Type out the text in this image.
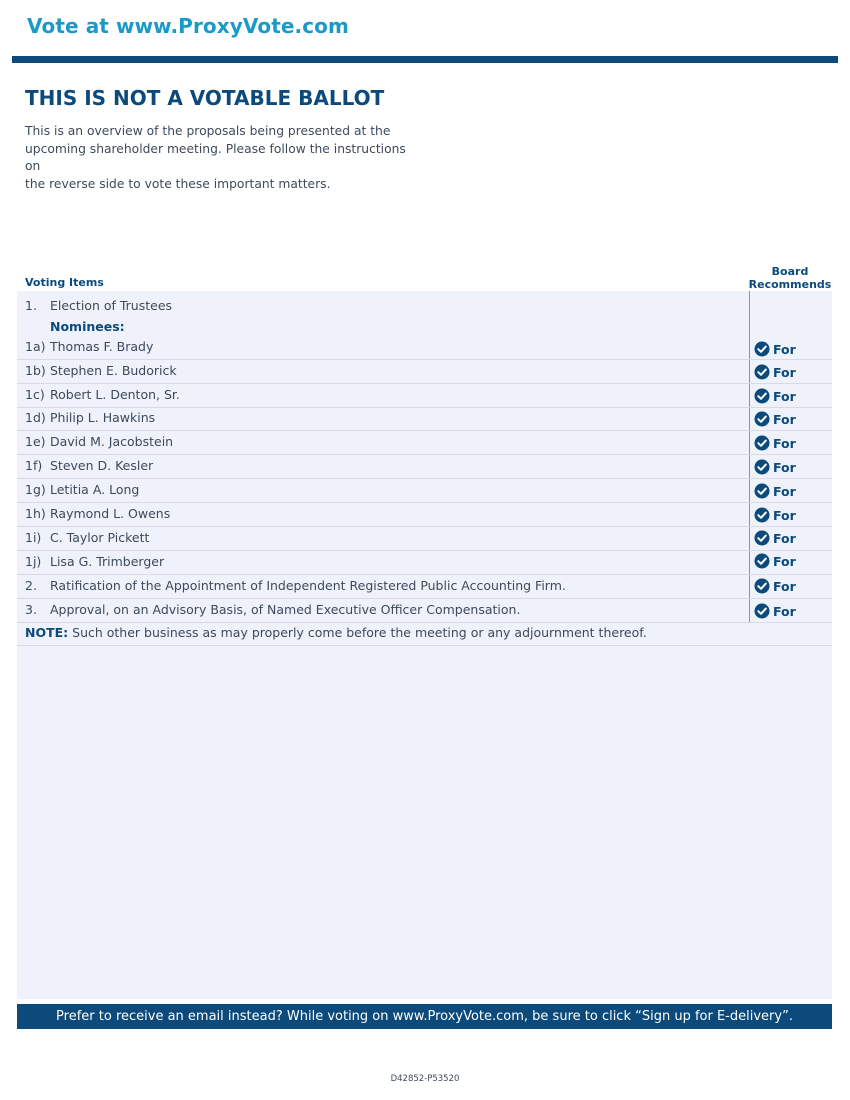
Vote at www.ProxyVote.com
THIS IS NOT A VOTABLE BALLOT
This is an overview of the proposals being presented at the
upcoming shareholder meeting. Please follow the instructions on
the reverse side to vote these important matters.
Voting Items
Board
Recommends
1. Election of Trustees
Nominees:
1a) Thomas F. Brady	For
1b) Stephen E. Budorick	For
1c) Robert L. Denton, Sr.	For
1d) Philip L. Hawkins	For
1e) David M. Jacobstein	For
1f) Steven D. Kesler	For
1g) Letitia A. Long	For
1h) Raymond L. Owens	For
1i) C. Taylor Pickett	For
1j) Lisa G. Trimberger	For
2. Ratification of the Appointment of Independent Registered Public Accounting Firm.	For
3. Approval, on an Advisory Basis, of Named Executive Officer Compensation.	For
NOTE: Such other business as may properly come before the meeting or any adjournment thereof.
Prefer to receive an email instead? While voting on www.ProxyVote.com, be sure to click “Sign up for E-delivery”.
D42852-P53520
